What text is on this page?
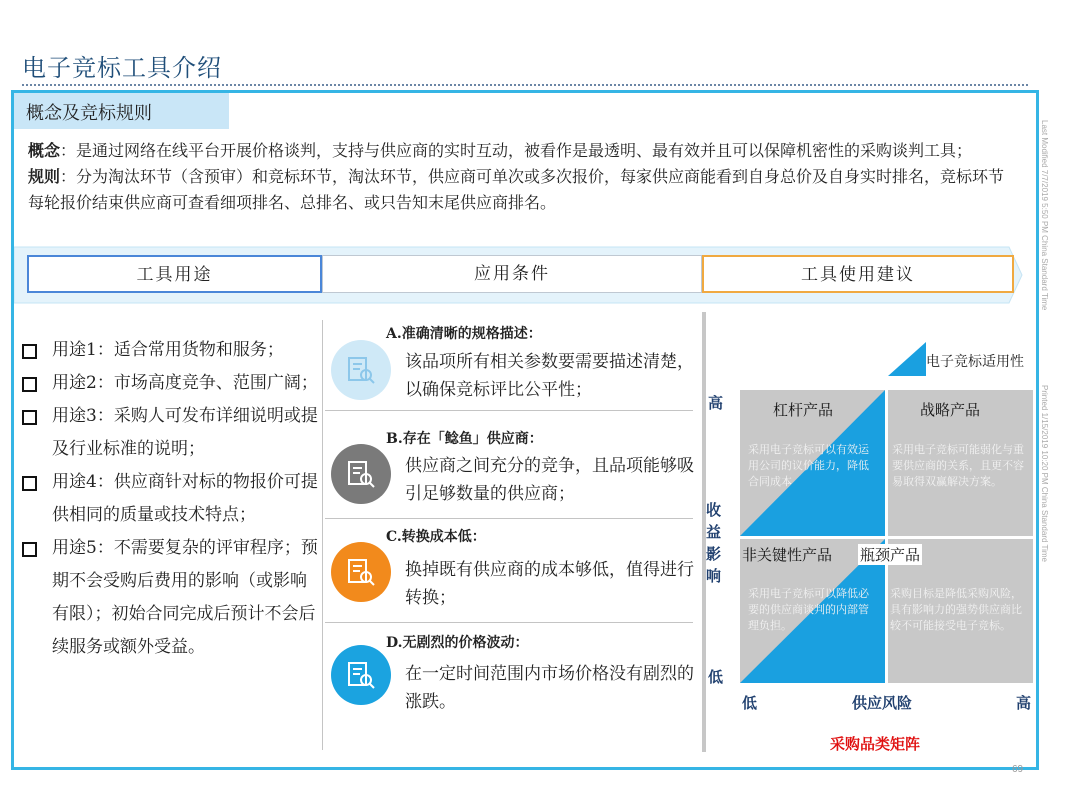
电子竞标工具介绍
概念及竞标规则
概念：是通过网络在线平台开展价格谈判，支持与供应商的实时互动，被看作是最透明、最有效并且可以保障机密性的采购谈判工具；
规则：分为淘汰环节（含预审）和竞标环节，淘汰环节，供应商可单次或多次报价，每家供应商能看到自身总价及自身实时排名，竞标环节每轮报价结束供应商可查看细项排名、总排名、或只告知末尾供应商排名。
工具用途	应用条件	工具使用建议
用途1：适合常用货物和服务；
用途2：市场高度竞争、范围广阔；
用途3：采购人可发布详细说明或提及行业标准的说明；
用途4：供应商针对标的物报价可提供相同的质量或技术特点；
用途5：不需要复杂的评审程序；预期不会受购后费用的影响（或影响有限）；初始合同完成后预计不会后续服务或额外受益。
A.准确清晰的规格描述：
该品项所有相关参数要需要描述清楚，以确保竞标评比公平性；
B.存在「鲶鱼」供应商：
供应商之间充分的竞争，且品项能够吸引足够数量的供应商；
C.转换成本低：
换掉既有供应商的成本够低，值得进行转换；
D.无剧烈的价格波动：
在一定时间范围内市场价格没有剧烈的涨跌。
电子竞标适用性
高
收益影响
低
杠杆产品	战略产品
非关键性产品 瓶颈产品
采用电子竞标可以有效运用公司的议价能力，降低合同成本
采用电子竞标可能弱化与重要供应商的关系，且更不容易取得双赢解决方案。
采用电子竞标可以降低必要的供应商谈判的内部管理负担。
采购目标是降低采购风险，具有影响力的强势供应商比较不可能接受电子竞标。
低	供应风险	高
采购品类矩阵
Last Modified 7/7/2019 5:50 PM China Standard Time
Printed 1/15/2019 10:20 PM China Standard Time
69
